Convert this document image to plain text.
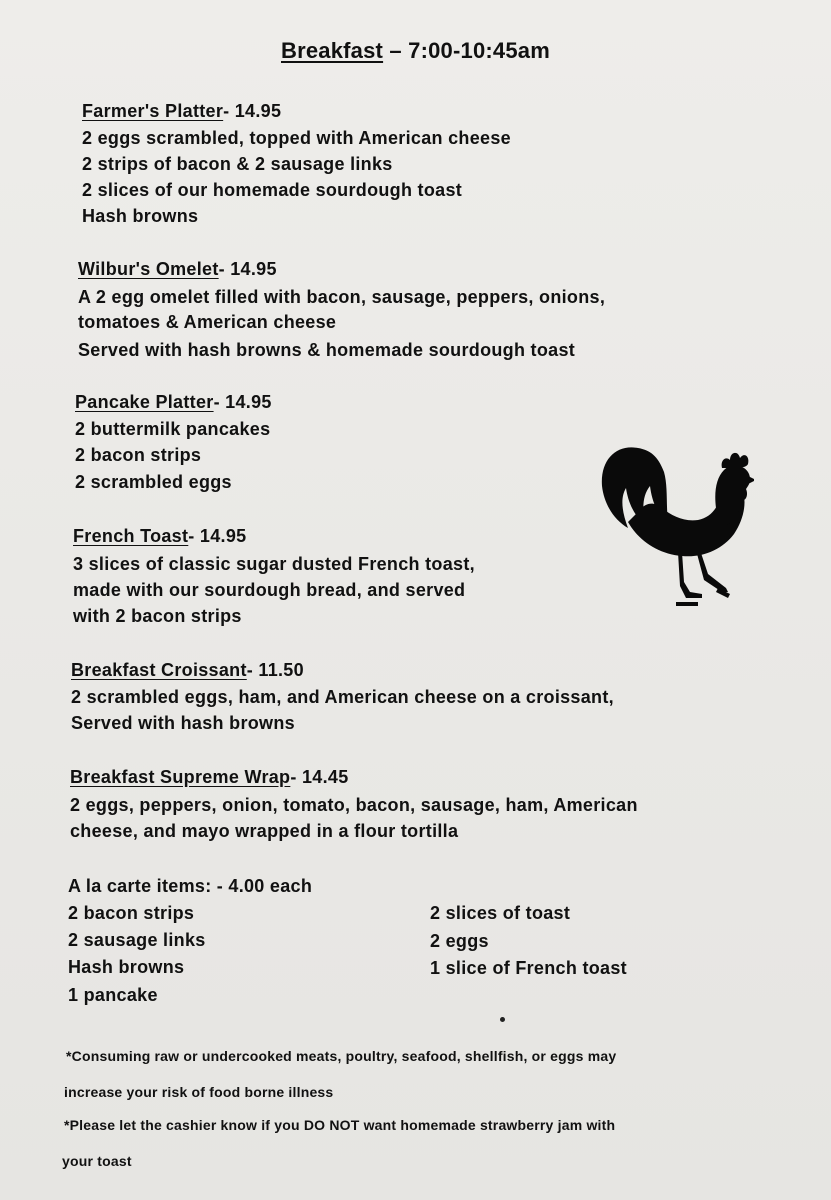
Breakfast – 7:00-10:45am
Farmer's Platter- 14.95
2 eggs scrambled, topped with American cheese
2 strips of bacon & 2 sausage links
2 slices of our homemade sourdough toast
Hash browns
Wilbur's Omelet- 14.95
A 2 egg omelet filled with bacon, sausage, peppers, onions,
tomatoes & American cheese
Served with hash browns & homemade sourdough toast
Pancake Platter- 14.95
2 buttermilk pancakes
2 bacon strips
2 scrambled eggs
French Toast- 14.95
3 slices of classic sugar dusted French toast,
made with our sourdough bread, and served
with 2 bacon strips
Breakfast Croissant- 11.50
2 scrambled eggs, ham, and American cheese on a croissant,
Served with hash browns
Breakfast Supreme Wrap- 14.45
2 eggs, peppers, onion, tomato, bacon, sausage, ham, American
cheese, and mayo wrapped in a flour tortilla
A la carte items: - 4.00 each
2 bacon strips
2 sausage links
Hash browns
1 pancake
2 slices of toast
2 eggs
1 slice of French toast
*Consuming raw or undercooked meats, poultry, seafood, shellfish, or eggs may
increase your risk of food borne illness
*Please let the cashier know if you DO NOT want homemade strawberry jam with
your toast
